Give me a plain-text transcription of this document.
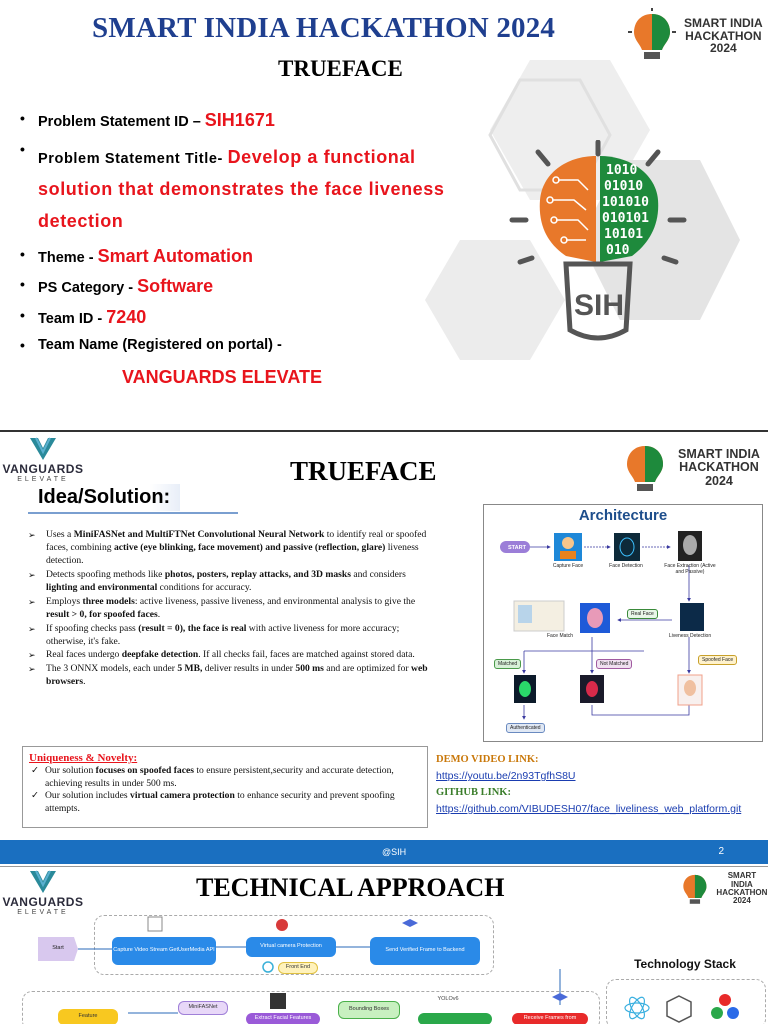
SMART INDIA HACKATHON 2024
TRUEFACE
SMART INDIA
HACKATHON
2024
• Problem Statement ID – SIH1671
• Problem Statement Title- Develop a functional solution that demonstrates the face liveness detection
• Theme - Smart Automation
• PS Category - Software
• Team ID - 7240
• Team Name (Registered on portal) -
VANGUARDS ELEVATE
1010
01010
101010
010101
10101
010
SIH
VANGUARDS
ELEVATE	TRUEFACE
SMART INDIA
HACKATHON
2024
Idea/Solution:
➢ Uses a MiniFASNet and MultiFTNet Convolutional Neural Network to identify real or spoofed faces, combining active (eye blinking, face movement) and passive (reflection, glare) liveness detection.
➢ Detects spoofing methods like photos, posters, replay attacks, and 3D masks and considers lighting and environmental conditions for accuracy.
➢ Employs three models: active liveness, passive liveness, and environmental analysis to give the result > 0, for spoofed faces.
➢ If spoofing checks pass (result = 0), the face is real with active liveness for more accuracy; otherwise, it's fake.
➢ Real faces undergo deepfake detection. If all checks fail, faces are matched against stored data.
➢ The 3 ONNX models, each under 5 MB, deliver results in under 500 ms and are optimized for web browsers.
Uniqueness & Novelty:
✓ Our solution focuses on spoofed faces to ensure persistent,security and accurate detection, achieving results in under 500 ms.
✓ Our solution includes virtual camera protection to enhance security and prevent spoofing attempts.
Architecture
START
Capture Face	Face Detection	Face Extraction (Active and Passive)
Real Face
Liveness Detection
Face Match
Matched	Not Matched
Spoofed Face
Authenticated
DEMO VIDEO LINK:
https://youtu.be/2n93TgfhS8U
GITHUB LINK:
https://github.com/VIBUDESH07/face_liveliness_web_platform.git
@SIH	2
VANGUARDS
ELEVATE
TECHNICAL APPROACH	SMART INDIA
HACKATHON
2024
Start	Capture Video Stream GetUserMedia API
Virtual camera Protection
Front End
Send Verified Frame to Backend
MiniFASNet	Bounding Boxes
YOLOv6
Feature	Extract Facial Features	Receive Frames from
Technology Stack
